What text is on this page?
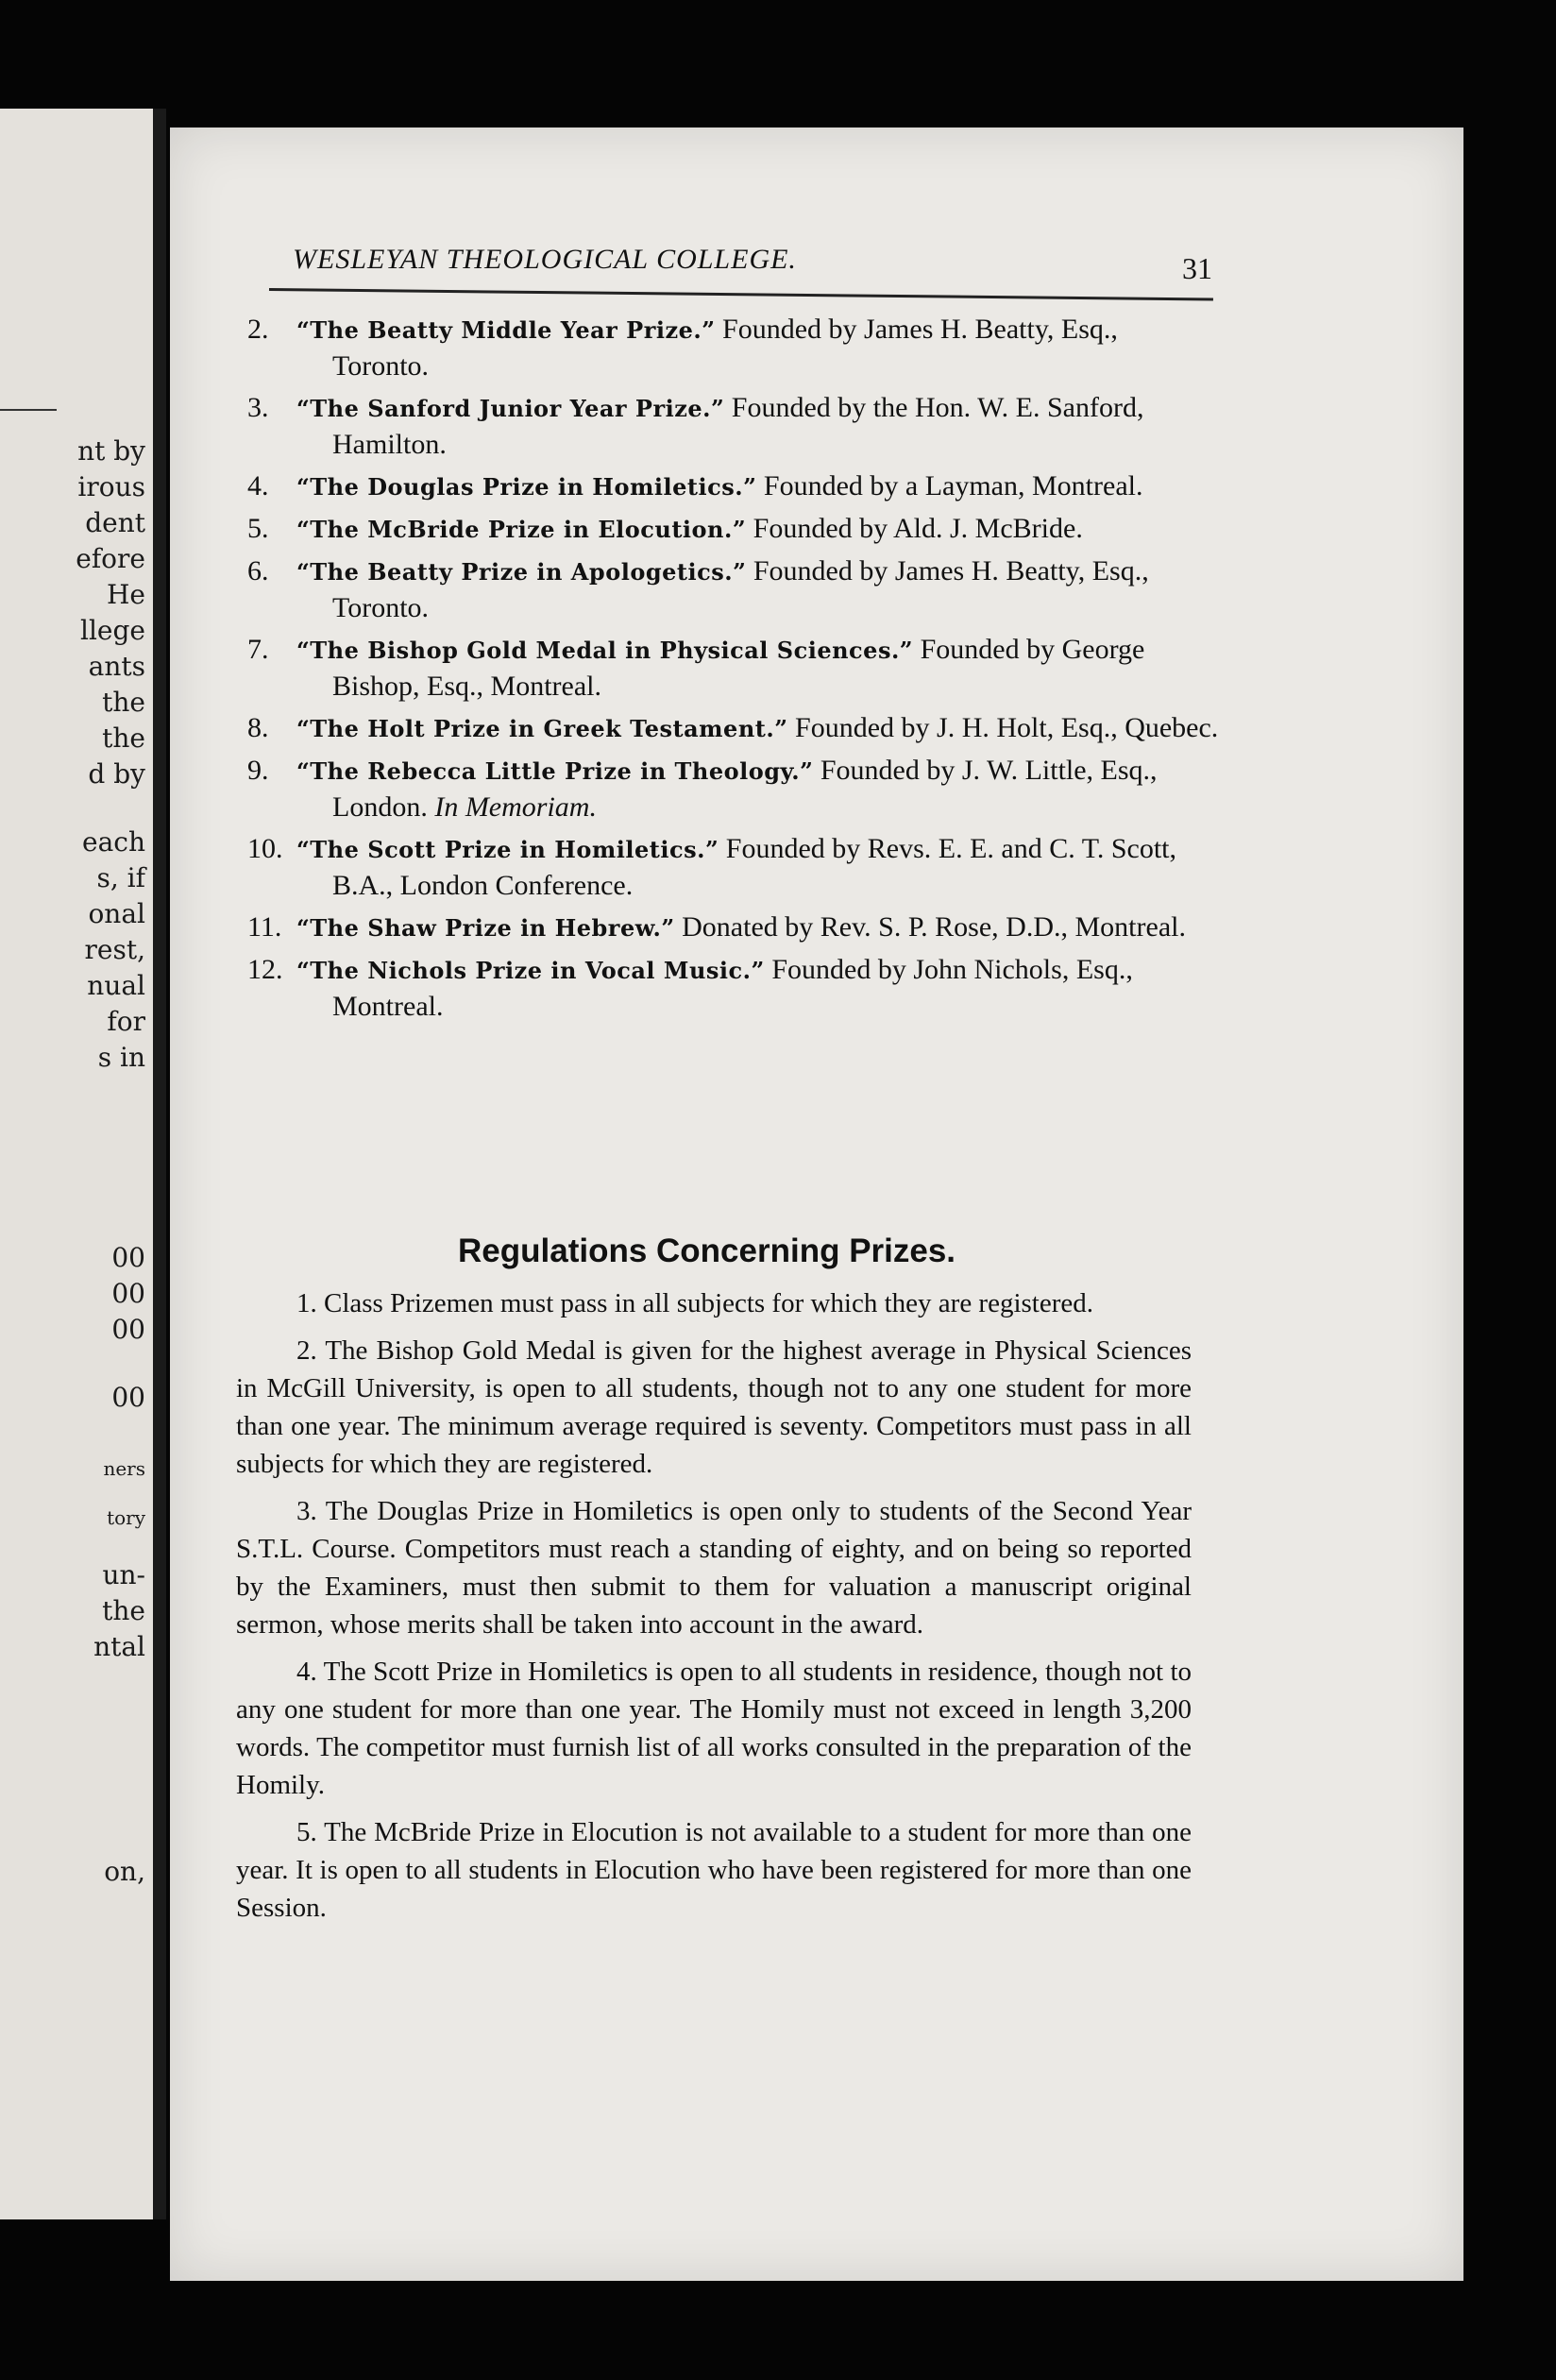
nt by
irous
dent
efore
He
llege
ants
the
the
d by
each
s, if
onal
rest,
nual
for
s in
00
00
00
00
ners
tory
un-
the
ntal
on,
WESLEYAN THEOLOGICAL COLLEGE.	31
2. “The Beatty Middle Year Prize.” Founded by James H. Beatty, Esq., Toronto.
3. “The Sanford Junior Year Prize.” Founded by the Hon. W. E. Sanford, Hamilton.
4. “The Douglas Prize in Homiletics.” Founded by a Layman, Montreal.
5. “The McBride Prize in Elocution.” Founded by Ald. J. McBride.
6. “The Beatty Prize in Apologetics.” Founded by James H. Beatty, Esq., Toronto.
7. “The Bishop Gold Medal in Physical Sciences.” Founded by George Bishop, Esq., Montreal.
8. “The Holt Prize in Greek Testament.” Founded by J. H. Holt, Esq., Quebec.
9. “The Rebecca Little Prize in Theology.” Founded by J. W. Little, Esq., London. In Memoriam.
10. “The Scott Prize in Homiletics.” Founded by Revs. E. E. and C. T. Scott, B.A., London Conference.
11. “The Shaw Prize in Hebrew.” Donated by Rev. S. P. Rose, D.D., Montreal.
12. “The Nichols Prize in Vocal Music.” Founded by John Nichols, Esq., Montreal.
Regulations Concerning Prizes.

1. Class Prizemen must pass in all subjects for which they are registered.

2. The Bishop Gold Medal is given for the highest average in Physical Sciences in McGill University, is open to all students, though not to any one student for more than one year. The minimum average required is seventy. Competitors must pass in all subjects for which they are registered.

3. The Douglas Prize in Homiletics is open only to students of the Second Year S.T.L. Course. Competitors must reach a standing of eighty, and on being so reported by the Examiners, must then submit to them for valuation a manuscript original sermon, whose merits shall be taken into account in the award.

4. The Scott Prize in Homiletics is open to all students in residence, though not to any one student for more than one year. The Homily must not exceed in length 3,200 words. The competitor must furnish list of all works consulted in the preparation of the Homily.

5. The McBride Prize in Elocution is not available to a student for more than one year. It is open to all students in Elocution who have been registered for more than one Session.
